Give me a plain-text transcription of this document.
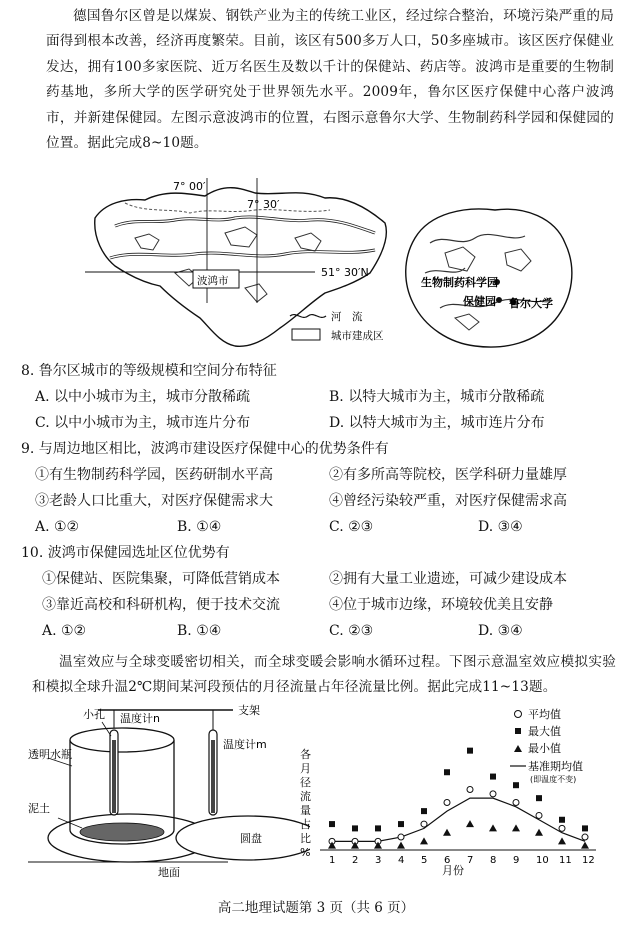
德国鲁尔区曾是以煤炭、钢铁产业为主的传统工业区，经过综合整治，环境污染严重的局面得到根本改善，经济再度繁荣。目前，该区有500多万人口，50多座城市。该区医疗保健业发达，拥有100多家医院、近万名医生及数以千计的保健站、药店等。波鸿市是重要的生物制药基地，多所大学的医学研究处于世界领先水平。2009年，鲁尔区医疗保健中心落户波鸿市，并新建保健园。左图示意波鸿市的位置，右图示意鲁尔大学、生物制药科学园和保健园的位置。据此完成8~10题。
7° 00′
7° 30′
51° 30′N
波鸿市
河　流
城市建成区
生物制药科学园
保健园 鲁尔大学
8. 鲁尔区城市的等级规模和空间分布特征
A. 以中小城市为主，城市分散稀疏	B. 以特大城市为主，城市分散稀疏
C. 以中小城市为主，城市连片分布	D. 以特大城市为主，城市连片分布
9. 与周边地区相比，波鸿市建设医疗保健中心的优势条件有
①有生物制药科学园，医药研制水平高	②有多所高等院校，医学科研力量雄厚
③老龄人口比重大，对医疗保健需求大	④曾经污染较严重，对医疗保健需求高
A. ①②	B. ①④	C. ②③	D. ③④
10. 波鸿市保健园选址区位优势有
①保健站、医院集聚，可降低营销成本	②拥有大量工业遗迹，可减少建设成本
③靠近高校和科研机构，便于技术交流	④位于城市边缘，环境较优美且安静
A. ①②	B. ①④	C. ②③	D. ③④
温室效应与全球变暖密切相关，而全球变暖会影响水循环过程。下图示意温室效应模拟实验和模拟全球升温2℃期间某河段预估的月径流量占年径流量比例。据此完成11~13题。
支架
小孔 温度计n
温度计m
透明水瓶
泥土
圆盘
地面
各月径流量占比%
1 2 3 4 5 6 7 8 9 10 11 12
月份
平均值
最大值
最小值
基准期均值
(即温度不变)
高二地理试题第 3 页（共 6 页）
